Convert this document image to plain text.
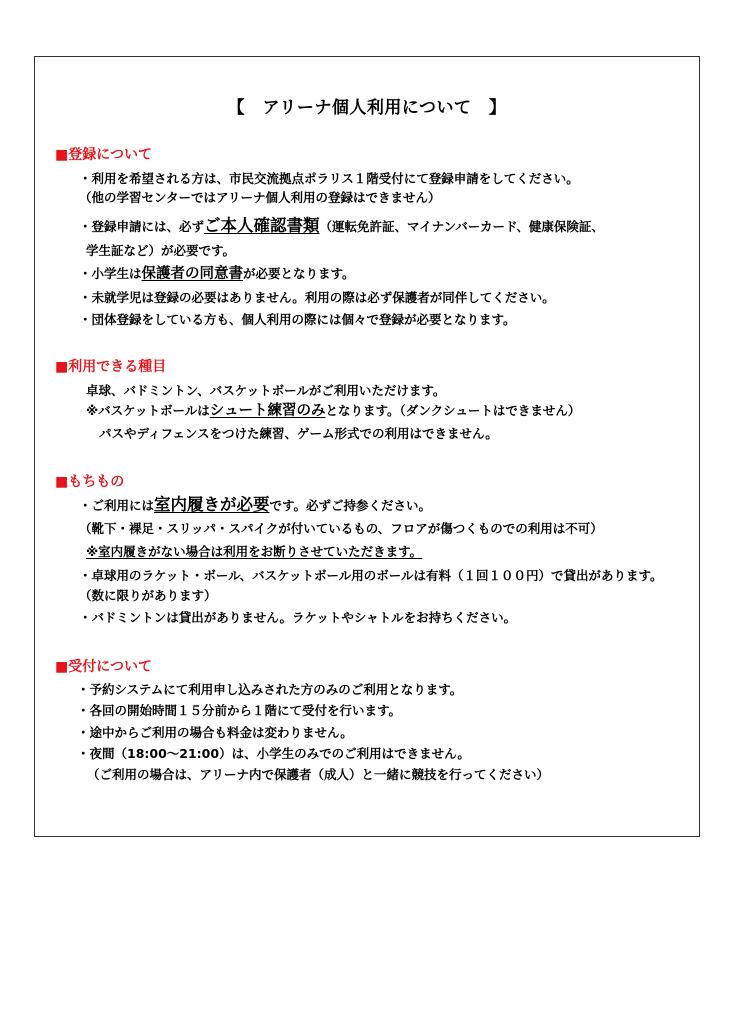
【　アリーナ個人利用について　】
■登録について
・利用を希望される方は、市民交流拠点ポラリス１階受付にて登録申請をしてください。
（他の学習センターではアリーナ個人利用の登録はできません）
・登録申請には、必ずご本人確認書類（運転免許証、マイナンバーカード、健康保険証、
学生証など）が必要です。
・小学生は保護者の同意書が必要となります。
・未就学児は登録の必要はありません。利用の際は必ず保護者が同伴してください。
・団体登録をしている方も、個人利用の際には個々で登録が必要となります。
■利用できる種目
卓球、バドミントン、バスケットボールがご利用いただけます。
※バスケットボールはシュート練習のみとなります。（ダンクシュートはできません）
パスやディフェンスをつけた練習、ゲーム形式での利用はできません。
■もちもの
・ご利用には室内履きが必要です。必ずご持参ください。
（靴下・裸足・スリッパ・スパイクが付いているもの、フロアが傷つくものでの利用は不可）
※室内履きがない場合は利用をお断りさせていただきます。
・卓球用のラケット・ボール、バスケットボール用のボールは有料（１回１００円）で貸出があります。
（数に限りがあります）
・バドミントンは貸出がありません。ラケットやシャトルをお持ちください。
■受付について
・予約システムにて利用申し込みされた方のみのご利用となります。
・各回の開始時間１５分前から１階にて受付を行います。
・途中からご利用の場合も料金は変わりません。
・夜間（18:00～21:00）は、小学生のみでのご利用はできません。
（ご利用の場合は、アリーナ内で保護者（成人）と一緒に競技を行ってください）
